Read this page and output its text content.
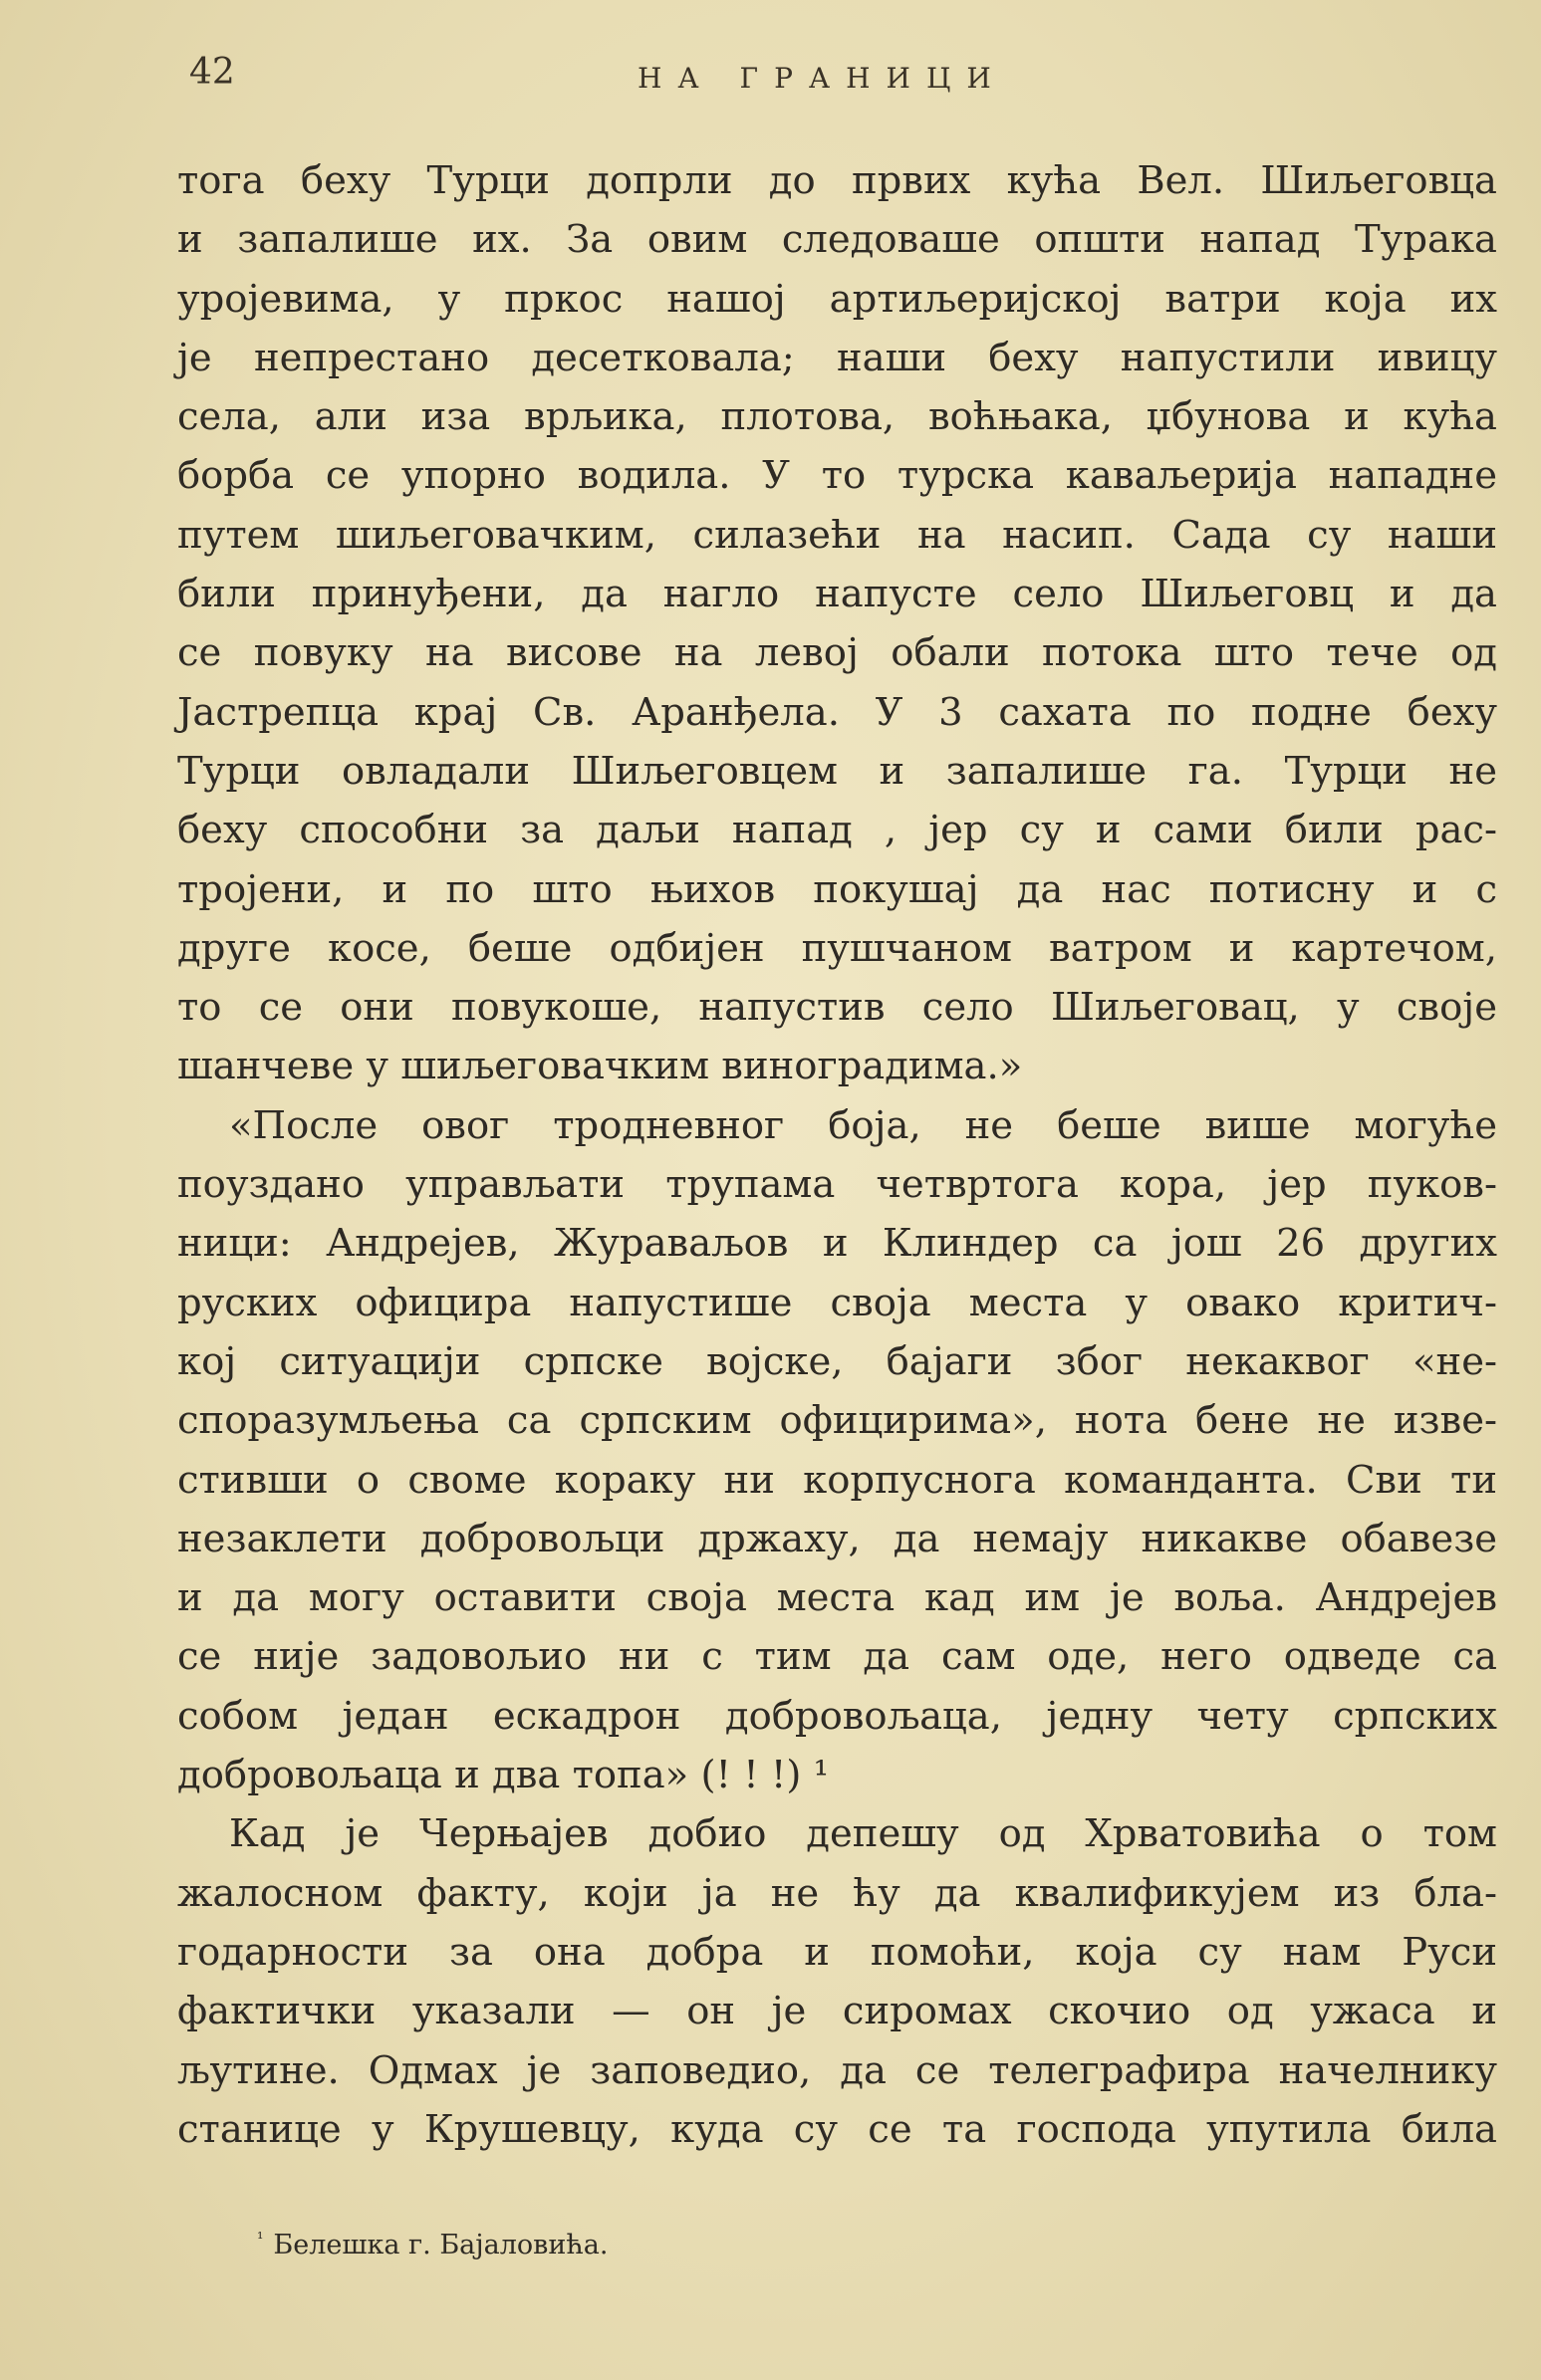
42	НА ГРАНИЦИ
тога беху Турци допрли до првих кућа Вел. Шиљеговца
и запалише их. За овим следоваше општи напад Турака
уројевима, у пркос нашој артиљеријској ватри која их
је непрестано десетковала; наши беху напустили ивицу
села, али иза врљика, плотова, воћњака, џбунова и кућа
борба се упорно водила. У то турска каваљерија нападне
путем шиљеговачким, силазећи на насип. Сада су наши
били принуђени, да нагло напусте село Шиљеговц и да
се повуку на висове на левој обали потока што тече од
Јастрепца крај Св. Аранђела. У 3 сахата по подне беху
Турци овладали Шиљеговцем и запалише га. Турци не
беху способни за даљи напад , јер су и сами били рас-
тројени, и по што њихов покушај да нас потисну и с
друге косе, беше одбијен пушчаном ватром и картечом,
то се они повукоше, напустив село Шиљеговац, у своје
шанчеве у шиљеговачким виноградима.»
«После овог тродневног боја, не беше више могуће
поуздано управљати трупама четвртога кора, јер пуков-
ници: Андрејев, Жураваљов и Клиндер са још 26 других
руских официра напустише своја места у овако критич-
кој ситуацији српске војске, бајаги због некаквог «не-
споразумљења са српским официрима», нота бене не изве-
стивши о своме кораку ни корпуснога команданта. Сви ти
незаклети добровољци држаху, да немају никакве обавезе
и да могу оставити своја места кад им је воља. Андрејев
се није задовољио ни с тим да сам оде, него одведе са
собом један ескадрон добровољаца, једну чету српских
добровољаца и два топа» (! ! !) ¹
Кад је Черњајев добио депешу од Хрватовића о том
жалосном факту, који ја не ћу да квалификујем из бла-
годарности за она добра и помоћи, која су нам Руси
фактички указали — он је сиромах скочио од ужаса и
љутине. Одмах је заповедио, да се телеграфира начелнику
станице у Крушевцу, куда су се та господа упутила била
$^{^1}$ Белешка г. Бајаловића.
